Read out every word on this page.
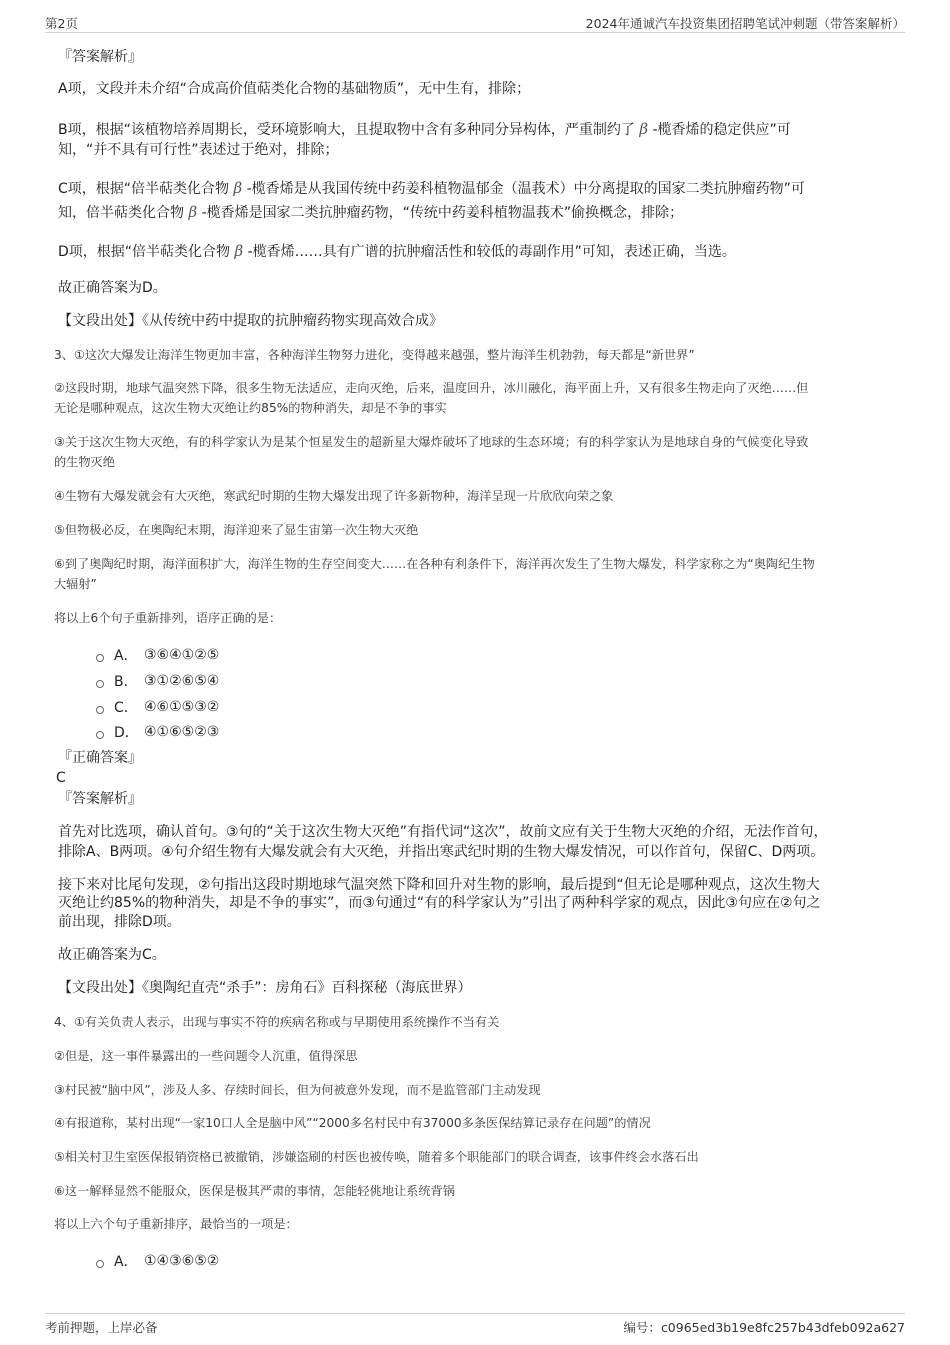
第2页	2024年通诚汽车投资集团招聘笔试冲刺题（带答案解析）
『答案解析』
A项，文段并未介绍“合成高价值萜类化合物的基础物质”，无中生有，排除；
B项，根据“该植物培养周期长，受环境影响大，且提取物中含有多种同分异构体，严重制约了 β -榄香烯的稳定供应”可
知，“并不具有可行性”表述过于绝对，排除；
C项，根据“倍半萜类化合物 β -榄香烯是从我国传统中药姜科植物温郁金（温莪术）中分离提取的国家二类抗肿瘤药物”可
知，倍半萜类化合物 β -榄香烯是国家二类抗肿瘤药物，“传统中药姜科植物温莪术”偷换概念，排除；
D项，根据“倍半萜类化合物 β -榄香烯……具有广谱的抗肿瘤活性和较低的毒副作用”可知，表述正确，当选。
故正确答案为D。
【文段出处】《从传统中药中提取的抗肿瘤药物实现高效合成》
3、①这次大爆发让海洋生物更加丰富，各种海洋生物努力进化，变得越来越强，整片海洋生机勃勃，每天都是“新世界”
②这段时期，地球气温突然下降，很多生物无法适应，走向灭绝，后来，温度回升，冰川融化，海平面上升，又有很多生物走向了灭绝……但
无论是哪种观点，这次生物大灭绝让约85%的物种消失，却是不争的事实
③关于这次生物大灭绝，有的科学家认为是某个恒星发生的超新星大爆炸破坏了地球的生态环境；有的科学家认为是地球自身的气候变化导致
的生物灭绝
④生物有大爆发就会有大灭绝，寒武纪时期的生物大爆发出现了许多新物种，海洋呈现一片欣欣向荣之象
⑤但物极必反，在奥陶纪末期，海洋迎来了显生宙第一次生物大灭绝
⑥到了奥陶纪时期，海洋面积扩大，海洋生物的生存空间变大……在各种有利条件下，海洋再次发生了生物大爆发，科学家称之为“奥陶纪生物
大辐射”
将以上6个句子重新排列，语序正确的是：
A． ③⑥④①②⑤
B． ③①②⑥⑤④
C． ④⑥①⑤③②
D． ④①⑥⑤②③
『正确答案』
C
『答案解析』
首先对比选项，确认首句。③句的“关于这次生物大灭绝”有指代词“这次”，故前文应有关于生物大灭绝的介绍，无法作首句，
排除A、B两项。④句介绍生物有大爆发就会有大灭绝，并指出寒武纪时期的生物大爆发情况，可以作首句，保留C、D两项。
接下来对比尾句发现，②句指出这段时期地球气温突然下降和回升对生物的影响，最后提到“但无论是哪种观点，这次生物大
灭绝让约85%的物种消失，却是不争的事实”，而③句通过“有的科学家认为”引出了两种科学家的观点，因此③句应在②句之
前出现，排除D项。
故正确答案为C。
【文段出处】《奥陶纪直壳“杀手”：房角石》百科探秘（海底世界）
4、①有关负责人表示，出现与事实不符的疾病名称或与早期使用系统操作不当有关
②但是，这一事件暴露出的一些问题令人沉重，值得深思
③村民被“脑中风”，涉及人多、存续时间长，但为何被意外发现，而不是监管部门主动发现
④有报道称，某村出现“一家10口人全是脑中风”“2000多名村民中有37000多条医保结算记录存在问题”的情况
⑤相关村卫生室医保报销资格已被撤销，涉嫌盗刷的村医也被传唤，随着多个职能部门的联合调查，该事件终会水落石出
⑥这一解释显然不能服众，医保是极其严肃的事情，怎能轻佻地让系统背锅
将以上六个句子重新排序，最恰当的一项是：
A． ①④③⑥⑤②
考前押题，上岸必备	编号：c0965ed3b19e8fc257b43dfeb092a627
